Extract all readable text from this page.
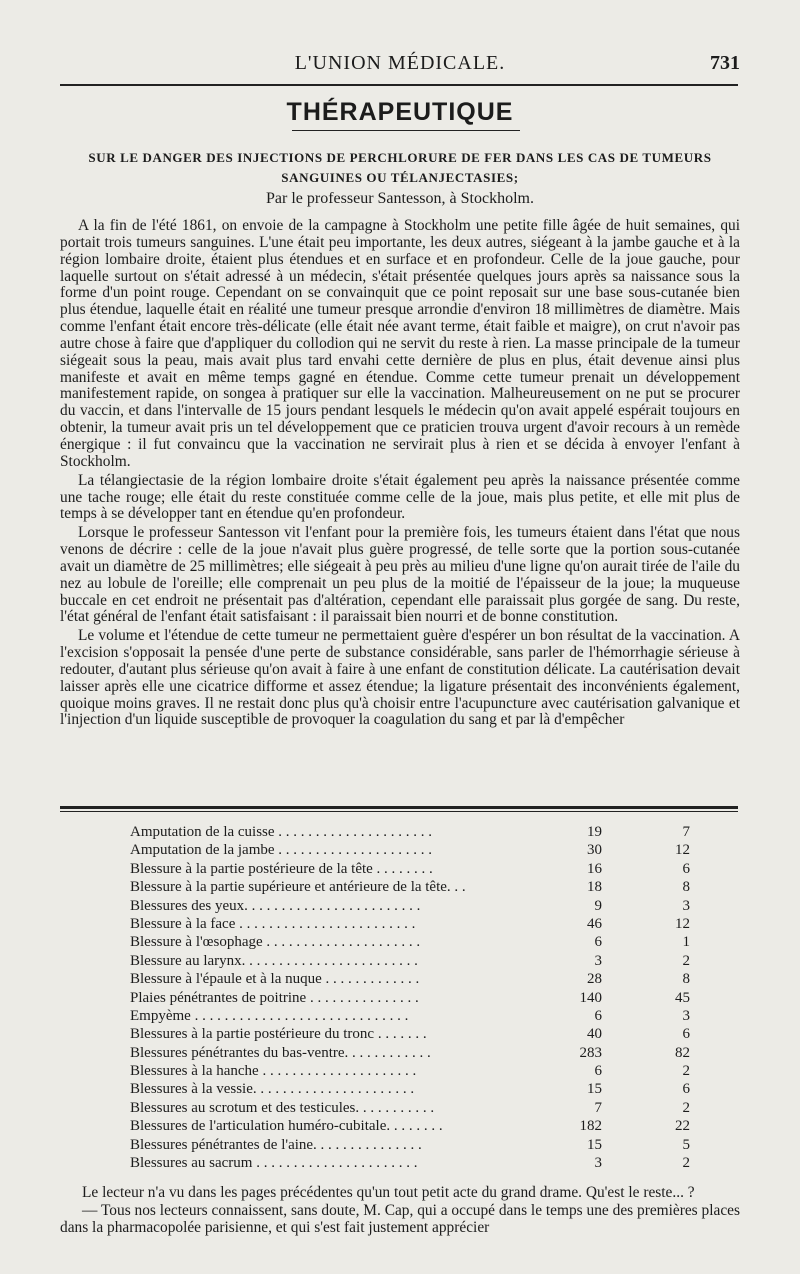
L'UNION MÉDICALE.	731
THÉRAPEUTIQUE
SUR LE DANGER DES INJECTIONS DE PERCHLORURE DE FER DANS LES CAS DE TUMEURS
SANGUINES OU TÉLANJECTASIES;
Par le professeur Santesson, à Stockholm.

A la fin de l'été 1861, on envoie de la campagne à Stockholm une petite fille âgée de huit semaines, qui portait trois tumeurs sanguines. L'une était peu importante, les deux autres, siégeant à la jambe gauche et à la région lombaire droite, étaient plus étendues et en surface et en profondeur. Celle de la joue gauche, pour laquelle surtout on s'était adressé à un médecin, s'était présentée quelques jours après sa naissance sous la forme d'un point rouge. Cependant on se convainquit que ce point reposait sur une base sous-cutanée bien plus étendue, laquelle était en réalité une tumeur presque arrondie d'environ 18 millimètres de diamètre. Mais comme l'enfant était encore très-délicate (elle était née avant terme, était faible et maigre), on crut n'avoir pas autre chose à faire que d'appliquer du collodion qui ne servit du reste à rien. La masse principale de la tumeur siégeait sous la peau, mais avait plus tard envahi cette dernière de plus en plus, était devenue ainsi plus manifeste et avait en même temps gagné en étendue. Comme cette tumeur prenait un développement manifestement rapide, on songea à pratiquer sur elle la vaccination. Malheureusement on ne put se procurer du vaccin, et dans l'intervalle de 15 jours pendant lesquels le médecin qu'on avait appelé espérait toujours en obtenir, la tumeur avait pris un tel développement que ce praticien trouva urgent d'avoir recours à un remède énergique : il fut convaincu que la vaccination ne servirait plus à rien et se décida à envoyer l'enfant à Stockholm.

La télangiectasie de la région lombaire droite s'était également peu après la naissance présentée comme une tache rouge; elle était du reste constituée comme celle de la joue, mais plus petite, et elle mit plus de temps à se développer tant en étendue qu'en profondeur.

Lorsque le professeur Santesson vit l'enfant pour la première fois, les tumeurs étaient dans l'état que nous venons de décrire : celle de la joue n'avait plus guère progressé, de telle sorte que la portion sous-cutanée avait un diamètre de 25 millimètres; elle siégeait à peu près au milieu d'une ligne qu'on aurait tirée de l'aile du nez au lobule de l'oreille; elle comprenait un peu plus de la moitié de l'épaisseur de la joue; la muqueuse buccale en cet endroit ne présentait pas d'altération, cependant elle paraissait plus gorgée de sang. Du reste, l'état général de l'enfant était satisfaisant : il paraissait bien nourri et de bonne constitution.

Le volume et l'étendue de cette tumeur ne permettaient guère d'espérer un bon résultat de la vaccination. A l'excision s'opposait la pensée d'une perte de substance considérable, sans parler de l'hémorrhagie sérieuse à redouter, d'autant plus sérieuse qu'on avait à faire à une enfant de constitution délicate. La cautérisation devait laisser après elle une cicatrice difforme et assez étendue; la ligature présentait des inconvénients également, quoique moins graves. Il ne restait donc plus qu'à choisir entre l'acupuncture avec cautérisation galvanique et l'injection d'un liquide susceptible de provoquer la coagulation du sang et par là d'empêcher

Amputation de la cuisse . . . . . . . . . . . . . . . . . . . . .	19	7
Amputation de la jambe . . . . . . . . . . . . . . . . . . . . .	30	12
Blessure à la partie postérieure de la tête . . . . . . . .	16	6
Blessure à la partie supérieure et antérieure de la tête. . .	18	8
Blessures des yeux. . . . . . . . . . . . . . . . . . . . . . . .	9	3
Blessure à la face . . . . . . . . . . . . . . . . . . . . . . . .	46	12
Blessure à l'œsophage . . . . . . . . . . . . . . . . . . . . .	6	1
Blessure au larynx. . . . . . . . . . . . . . . . . . . . . . . .	3	2
Blessure à l'épaule et à la nuque . . . . . . . . . . . . .	28	8
Plaies pénétrantes de poitrine . . . . . . . . . . . . . . .	140	45
Empyème . . . . . . . . . . . . . . . . . . . . . . . . . . . . .	6	3
Blessures à la partie postérieure du tronc . . . . . . .	40	6
Blessures pénétrantes du bas-ventre. . . . . . . . . . . .	283	82
Blessures à la hanche . . . . . . . . . . . . . . . . . . . . .	6	2
Blessures à la vessie. . . . . . . . . . . . . . . . . . . . . .	15	6
Blessures au scrotum et des testicules. . . . . . . . . . .	7	2
Blessures de l'articulation huméro-cubitale. . . . . . . .	182	22
Blessures pénétrantes de l'aine. . . . . . . . . . . . . . .	15	5
Blessures au sacrum . . . . . . . . . . . . . . . . . . . . . .	3	2

Le lecteur n'a vu dans les pages précédentes qu'un tout petit acte du grand drame. Qu'est le reste... ?

— Tous nos lecteurs connaissent, sans doute, M. Cap, qui a occupé dans le temps une des premières places dans la pharmacopolée parisienne, et qui s'est fait justement apprécier
